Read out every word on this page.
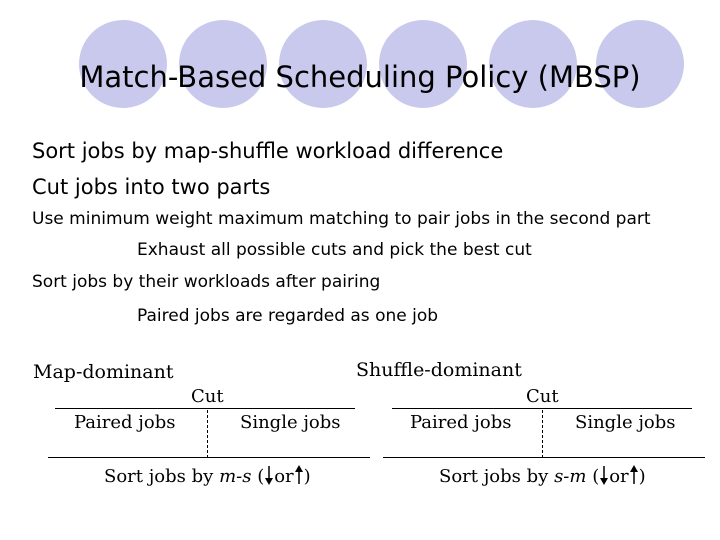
Match-Based Scheduling Policy (MBSP)
Sort jobs by map-shuffle workload difference
Cut jobs into two parts
Use minimum weight maximum matching to pair jobs in the second part
Exhaust all possible cuts and pick the best cut
Sort jobs by their workloads after pairing
Paired jobs are regarded as one job
Map-dominant
Cut
Paired jobs	Single jobs
Sort jobs by m-s ( or )
Shuffle-dominant
Cut
Paired jobs	Single jobs
Sort jobs by s-m ( or )
